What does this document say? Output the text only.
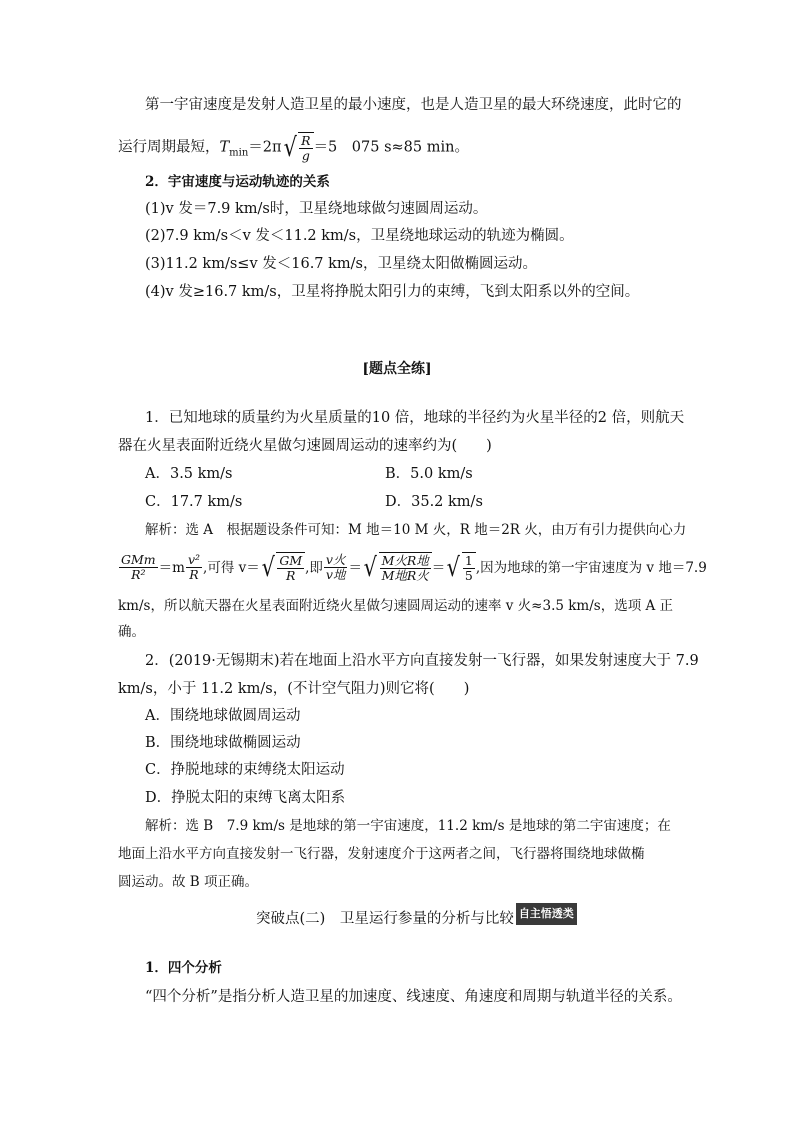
第一宇宙速度是发射人造卫星的最小速度，也是人造卫星的最大环绕速度，此时它的
运行周期最短，$T_{min}=2\pi$ √ $\frac{R}{g} =5$　075 s≈85 min。
2．宇宙速度与运动轨迹的关系
(1)v 发＝7.9 km/s时，卫星绕地球做匀速圆周运动。
(2)7.9 km/s＜v 发＜11.2 km/s，卫星绕地球运动的轨迹为椭圆。
(3)11.2 km/s≤v 发＜16.7 km/s，卫星绕太阳做椭圆运动。
(4)v 发≥16.7 km/s，卫星将挣脱太阳引力的束缚，飞到太阳系以外的空间。
[题点全练]
1．已知地球的质量约为火星质量的10 倍，地球的半径约为火星半径的2 倍，则航天
器在火星表面附近绕火星做匀速圆周运动的速率约为(　　)
A．3.5 km/s	B．5.0 km/s
C．17.7 km/s	D．35.2 km/s
解析：选 A　根据题设条件可知：M 地＝10 M 火，R 地＝2R 火，由万有引力提供向心力
$\frac{\text{GMm}}{\text{R²}} =m \frac{\text{v²}}{R}$ ,可得 v＝ √ $\frac{GM}{R}$ ,即 $\frac{\text{v火}}{\text{v地}}$ ＝ √ $\frac{\text{M火R地}}{\text{M地R火}}$ ＝ √ $\frac{1}{5}$ ,因为地球的第一宇宙速度为 v 地＝7.9
km/s，所以航天器在火星表面附近绕火星做匀速圆周运动的速率 v 火≈3.5 km/s，选项 A 正
确。
2．(2019·无锡期末)若在地面上沿水平方向直接发射一飞行器，如果发射速度大于 7.9
km/s，小于 11.2 km/s，(不计空气阻力)则它将(　　)
A．围绕地球做圆周运动
B．围绕地球做椭圆运动
C．挣脱地球的束缚绕太阳运动
D．挣脱太阳的束缚飞离太阳系
解析：选 B　7.9 km/s 是地球的第一宇宙速度，11.2 km/s 是地球的第二宇宙速度；在
地面上沿水平方向直接发射一飞行器，发射速度介于这两者之间，飞行器将围绕地球做椭
圆运动。故 B 项正确。
突破点(二)　卫星运行参量的分析与比较 自主悟透类
1．四个分析
“四个分析”是指分析人造卫星的加速度、线速度、角速度和周期与轨道半径的关系。
